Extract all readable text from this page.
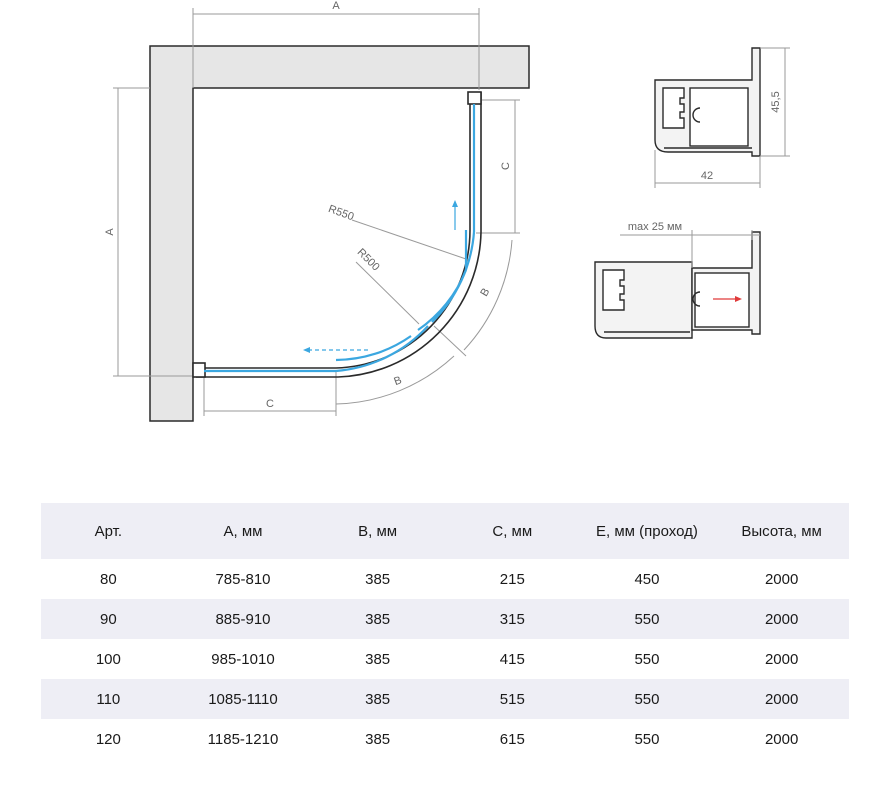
A
A
C
C
R550
R500
B
B
45,5
42
max 25 мм
Арт.	A, мм	B, мм	C, мм	E, мм (проход)	Высота, мм
80	785-810	385	215	450	2000
90	885-910	385	315	550	2000
100	985-1010	385	415	550	2000
110	1085-1110	385	515	550	2000
120	1185-1210	385	615	550	2000
